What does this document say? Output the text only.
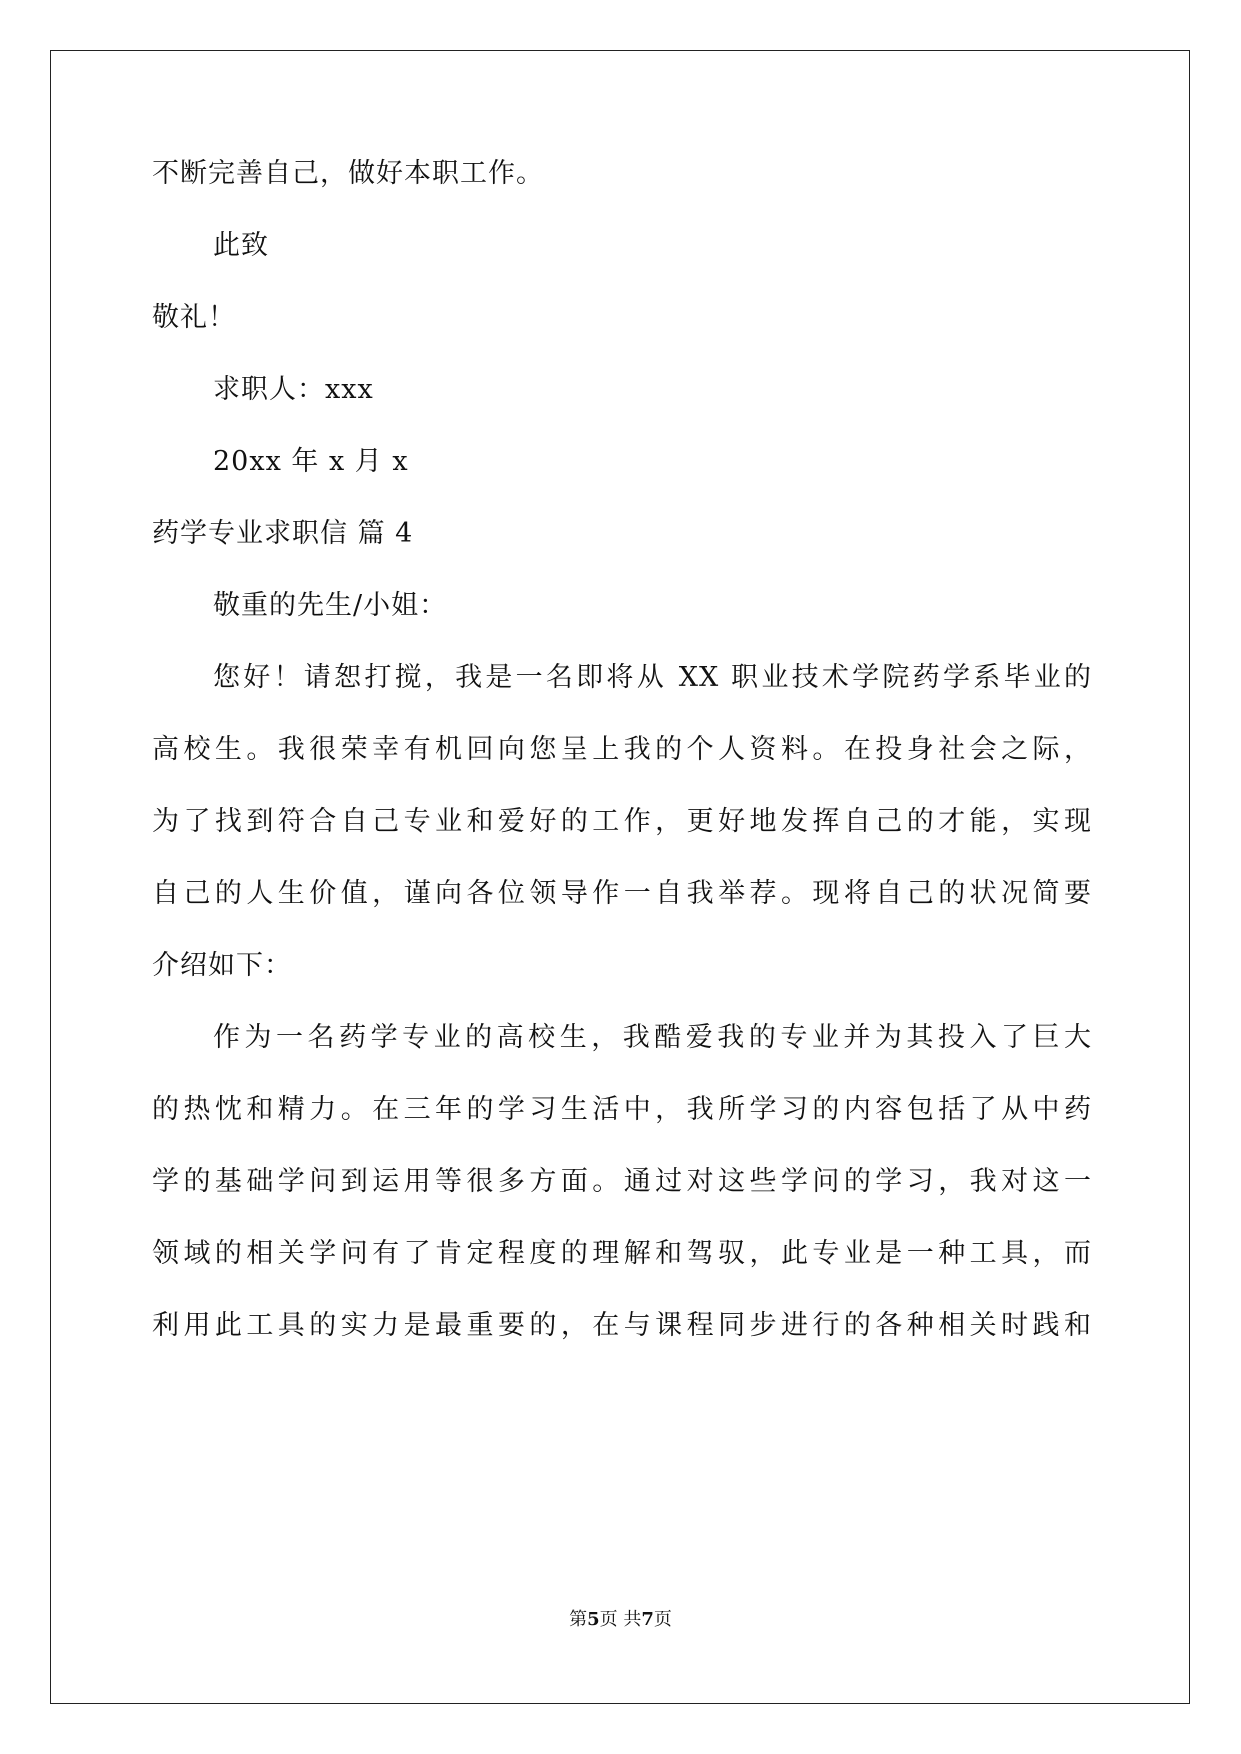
不断完善自己，做好本职工作。
此致
敬礼！
求职人：xxx
20xx 年 x 月 x
药学专业求职信 篇 4
敬重的先生/小姐：
您好！请恕打搅，我是一名即将从 XX 职业技术学院药学系毕业的
高校生。我很荣幸有机回向您呈上我的个人资料。在投身社会之际，
为了找到符合自己专业和爱好的工作，更好地发挥自己的才能，实现
自己的人生价值，谨向各位领导作一自我举荐。现将自己的状况简要
介绍如下：
作为一名药学专业的高校生，我酷爱我的专业并为其投入了巨大
的热忱和精力。在三年的学习生活中，我所学习的内容包括了从中药
学的基础学问到运用等很多方面。通过对这些学问的学习，我对这一
领域的相关学问有了肯定程度的理解和驾驭，此专业是一种工具，而
利用此工具的实力是最重要的，在与课程同步进行的各种相关时践和
第5页 共7页
